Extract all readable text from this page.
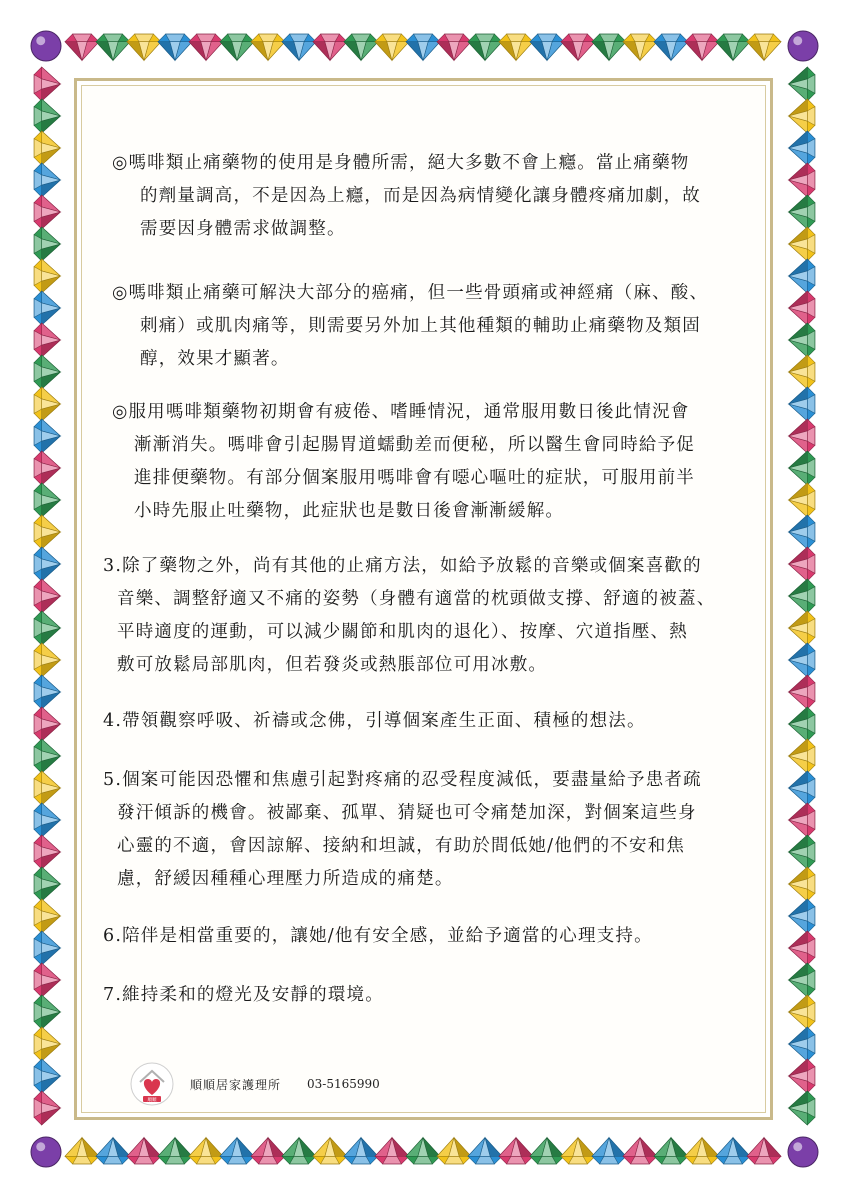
◎嗎啡類止痛藥物的使用是身體所需，絕大多數不會上癮。當止痛藥物
的劑量調高，不是因為上癮，而是因為病情變化讓身體疼痛加劇，故
需要因身體需求做調整。
◎嗎啡類止痛藥可解決大部分的癌痛，但一些骨頭痛或神經痛（麻、酸、
刺痛）或肌肉痛等，則需要另外加上其他種類的輔助止痛藥物及類固
醇，效果才顯著。
◎服用嗎啡類藥物初期會有疲倦、嗜睡情況，通常服用數日後此情況會
漸漸消失。嗎啡會引起腸胃道蠕動差而便秘，所以醫生會同時給予促
進排便藥物。有部分個案服用嗎啡會有噁心嘔吐的症狀，可服用前半
小時先服止吐藥物，此症狀也是數日後會漸漸緩解。
3.除了藥物之外，尚有其他的止痛方法，如給予放鬆的音樂或個案喜歡的
音樂、調整舒適又不痛的姿勢（身體有適當的枕頭做支撐、舒適的被蓋、
平時適度的運動，可以減少關節和肌肉的退化）、按摩、穴道指壓、熱
敷可放鬆局部肌肉，但若發炎或熱脹部位可用冰敷。
4.帶領觀察呼吸、祈禱或念佛，引導個案產生正面、積極的想法。
5.個案可能因恐懼和焦慮引起對疼痛的忍受程度減低，要盡量給予患者疏
發汗傾訴的機會。被鄙棄、孤單、猜疑也可令痛楚加深，對個案這些身
心靈的不適，會因諒解、接納和坦誠，有助於間低她/他們的不安和焦
慮，舒緩因種種心理壓力所造成的痛楚。
6.陪伴是相當重要的，讓她/他有安全感，並給予適當的心理支持。
7.維持柔和的燈光及安靜的環境。
順順
順順居家護理所 03-5165990
